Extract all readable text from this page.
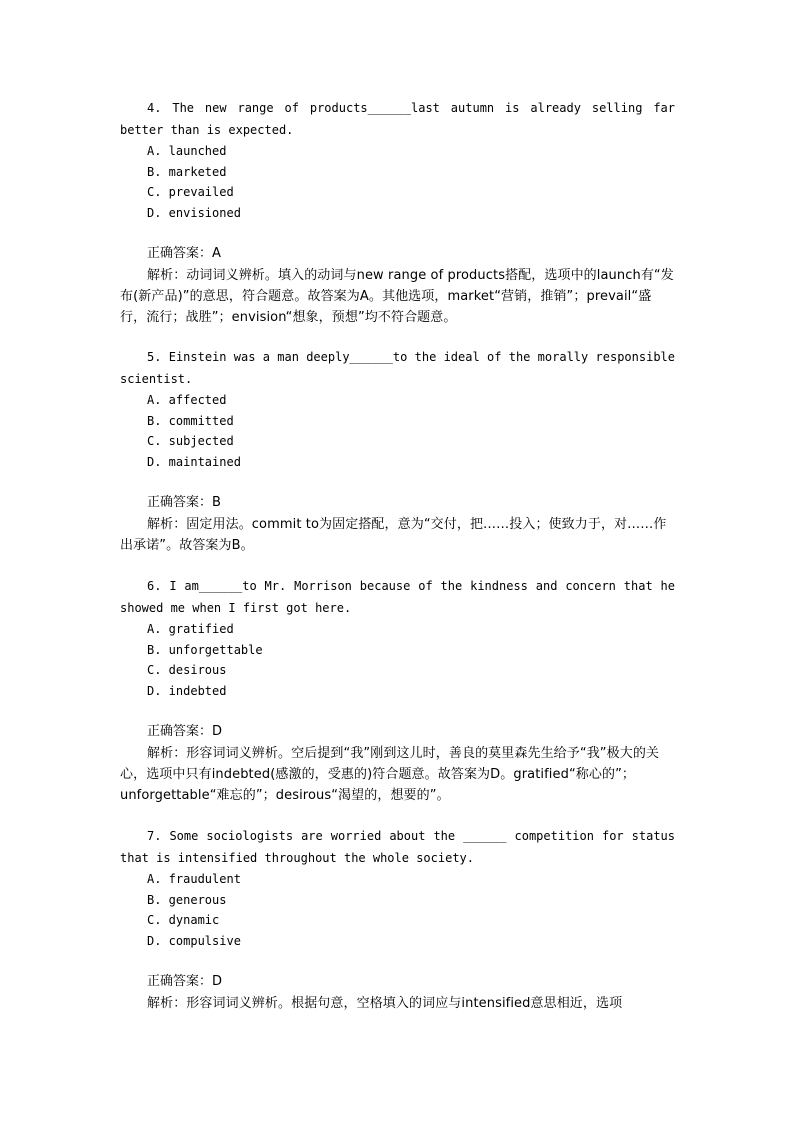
4. The new range of products______last autumn is already selling far better than is expected.

A. launched

B. marketed

C. prevailed

D. envisioned

正确答案：A

解析：动词词义辨析。填入的动词与new range of products搭配，选项中的launch有“发布(新产品)”的意思，符合题意。故答案为A。其他选项，market“营销，推销”；prevail“盛行，流行；战胜”；envision“想象，预想”均不符合题意。

5. Einstein was a man deeply______to the ideal of the morally responsible scientist.

A. affected

B. committed

C. subjected

D. maintained

正确答案：B

解析：固定用法。commit to为固定搭配，意为“交付，把……投入；使致力于，对……作出承诺”。故答案为B。

6. I am______to Mr. Morrison because of the kindness and concern that he showed me when I first got here.

A. gratified

B. unforgettable

C. desirous

D. indebted

正确答案：D

解析：形容词词义辨析。空后提到“我”刚到这儿时，善良的莫里森先生给予“我”极大的关心，选项中只有indebted(感激的，受惠的)符合题意。故答案为D。gratified“称心的”；unforgettable“难忘的”；desirous“渴望的，想要的”。

7. Some sociologists are worried about the ______ competition for status that is intensified throughout the whole society.

A. fraudulent

B. generous

C. dynamic

D. compulsive

正确答案：D

解析：形容词词义辨析。根据句意，空格填入的词应与intensified意思相近，选项
